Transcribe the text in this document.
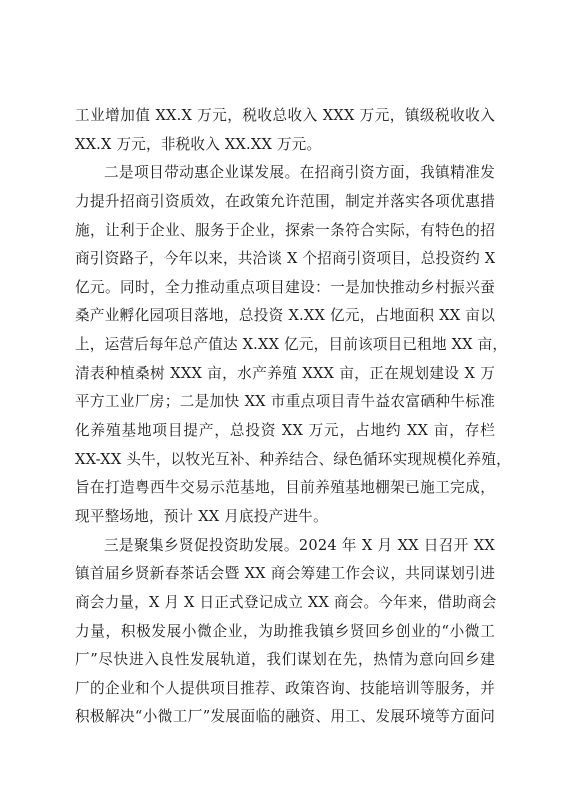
工业增加值 XX.X 万元，税收总收入 XXX 万元，镇级税收收入
XX.X 万元，非税收入 XX.XX 万元。
二是项目带动惠企业谋发展。在招商引资方面，我镇精准发
力提升招商引资质效，在政策允许范围，制定并落实各项优惠措
施，让利于企业、服务于企业，探索一条符合实际，有特色的招
商引资路子，今年以来，共洽谈 X 个招商引资项目，总投资约 X
亿元。同时，全力推动重点项目建设：一是加快推动乡村振兴蚕
桑产业孵化园项目落地，总投资 X.XX 亿元，占地面积 XX 亩以
上，运营后每年总产值达 X.XX 亿元，目前该项目已租地 XX 亩，
清表种植桑树 XXX 亩，水产养殖 XXX 亩，正在规划建设 X 万
平方工业厂房；二是加快 XX 市重点项目青牛益农富硒种牛标准
化养殖基地项目提产，总投资 XX 万元，占地约 XX 亩，存栏
XX-XX 头牛，以牧光互补、种养结合、绿色循环实现规模化养殖，
旨在打造粤西牛交易示范基地，目前养殖基地棚架已施工完成，
现平整场地，预计 XX 月底投产进牛。
三是聚集乡贤促投资助发展。2024 年 X 月 XX 日召开 XX
镇首届乡贤新春茶话会暨 XX 商会筹建工作会议，共同谋划引进
商会力量，X 月 X 日正式登记成立 XX 商会。今年来，借助商会
力量，积极发展小微企业，为助推我镇乡贤回乡创业的“小微工
厂”尽快进入良性发展轨道，我们谋划在先，热情为意向回乡建
厂的企业和个人提供项目推荐、政策咨询、技能培训等服务，并
积极解决“小微工厂”发展面临的融资、用工、发展环境等方面问
